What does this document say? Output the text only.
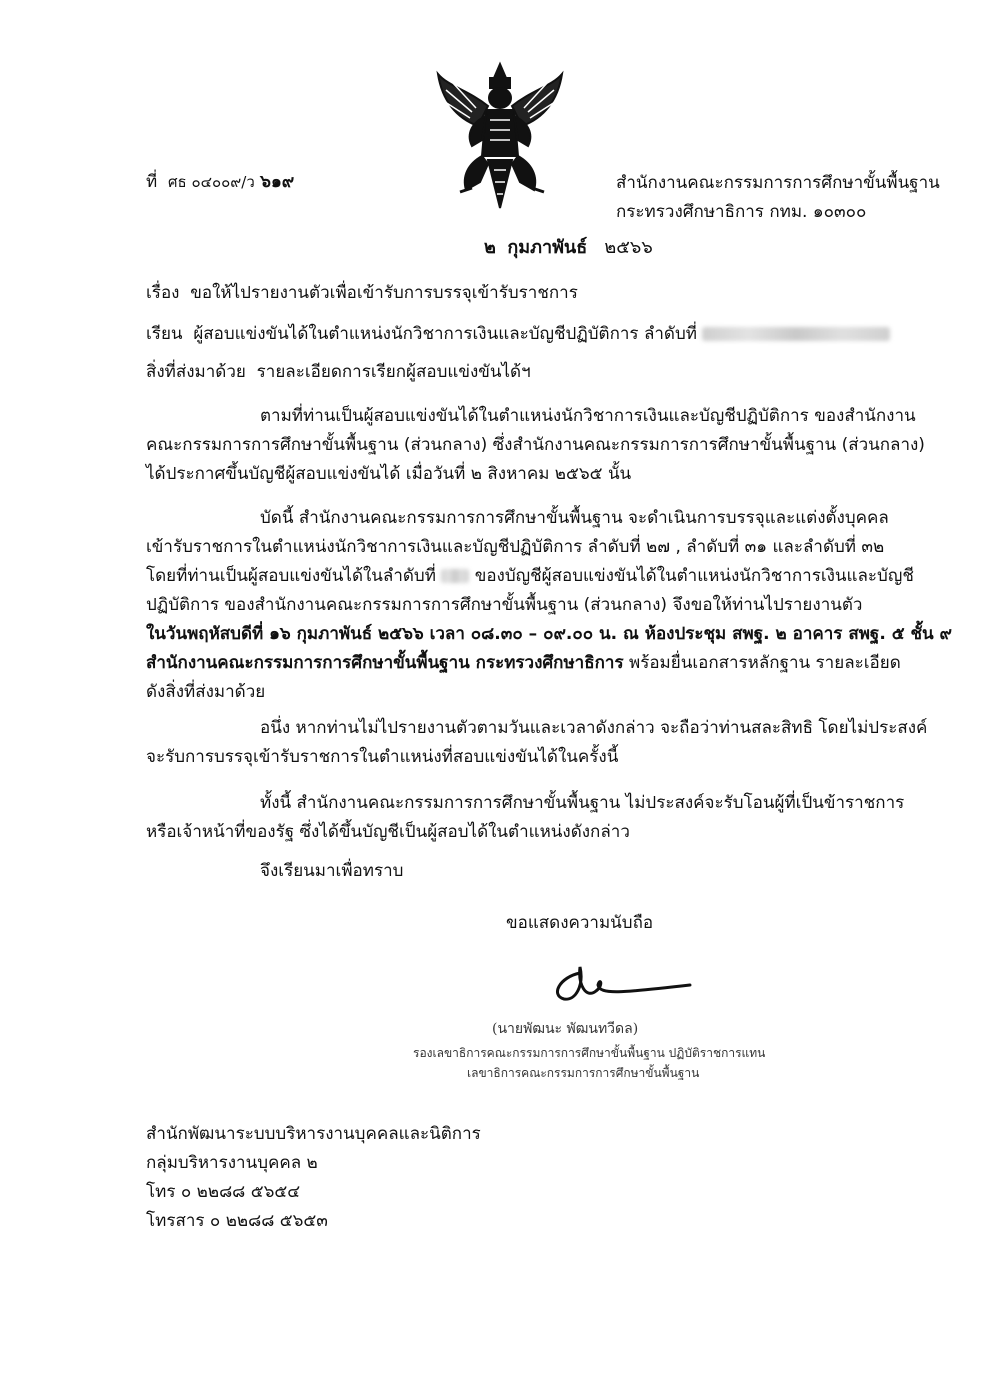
ที่ ศธ ๐๔๐๐๙/ว ๖๑๙	สำนักงานคณะกรรมการการศึกษาขั้นพื้นฐาน
กระทรวงศึกษาธิการ กทม. ๑๐๓๐๐
๒ กุมภาพันธ์ ๒๕๖๖
เรื่อง ขอให้ไปรายงานตัวเพื่อเข้ารับการบรรจุเข้ารับราชการ
เรียน ผู้สอบแข่งขันได้ในตำแหน่งนักวิชาการเงินและบัญชีปฏิบัติการ ลำดับที่
สิ่งที่ส่งมาด้วย รายละเอียดการเรียกผู้สอบแข่งขันได้ฯ
ตามที่ท่านเป็นผู้สอบแข่งขันได้ในตำแหน่งนักวิชาการเงินและบัญชีปฏิบัติการ ของสำนักงาน
คณะกรรมการการศึกษาขั้นพื้นฐาน (ส่วนกลาง) ซึ่งสำนักงานคณะกรรมการการศึกษาขั้นพื้นฐาน (ส่วนกลาง)
ได้ประกาศขึ้นบัญชีผู้สอบแข่งขันได้ เมื่อวันที่ ๒ สิงหาคม ๒๕๖๕ นั้น
บัดนี้ สำนักงานคณะกรรมการการศึกษาขั้นพื้นฐาน จะดำเนินการบรรจุและแต่งตั้งบุคคล
เข้ารับราชการในตำแหน่งนักวิชาการเงินและบัญชีปฏิบัติการ ลำดับที่ ๒๗ , ลำดับที่ ๓๑ และลำดับที่ ๓๒
โดยที่ท่านเป็นผู้สอบแข่งขันได้ในลำดับที่ ของบัญชีผู้สอบแข่งขันได้ในตำแหน่งนักวิชาการเงินและบัญชี
ปฏิบัติการ ของสำนักงานคณะกรรมการการศึกษาขั้นพื้นฐาน (ส่วนกลาง) จึงขอให้ท่านไปรายงานตัว
ในวันพฤหัสบดีที่ ๑๖ กุมภาพันธ์ ๒๕๖๖ เวลา ๐๘.๓๐ – ๐๙.๐๐ น. ณ ห้องประชุม สพฐ. ๒ อาคาร สพฐ. ๕ ชั้น ๙
สำนักงานคณะกรรมการการศึกษาขั้นพื้นฐาน กระทรวงศึกษาธิการ พร้อมยื่นเอกสารหลักฐาน รายละเอียด
ดังสิ่งที่ส่งมาด้วย
อนึ่ง หากท่านไม่ไปรายงานตัวตามวันและเวลาดังกล่าว จะถือว่าท่านสละสิทธิ โดยไม่ประสงค์
จะรับการบรรจุเข้ารับราชการในตำแหน่งที่สอบแข่งขันได้ในครั้งนี้
ทั้งนี้ สำนักงานคณะกรรมการการศึกษาขั้นพื้นฐาน ไม่ประสงค์จะรับโอนผู้ที่เป็นข้าราชการ
หรือเจ้าหน้าที่ของรัฐ ซึ่งได้ขึ้นบัญชีเป็นผู้สอบได้ในตำแหน่งดังกล่าว
จึงเรียนมาเพื่อทราบ
ขอแสดงความนับถือ
(นายพัฒนะ พัฒนทวีดล)
รองเลขาธิการคณะกรรมการการศึกษาขั้นพื้นฐาน ปฏิบัติราชการแทน
เลขาธิการคณะกรรมการการศึกษาขั้นพื้นฐาน
สำนักพัฒนาระบบบริหารงานบุคคลและนิติการ
กลุ่มบริหารงานบุคคล ๒
โทร ๐ ๒๒๘๘ ๕๖๕๔
โทรสาร ๐ ๒๒๘๘ ๕๖๕๓
